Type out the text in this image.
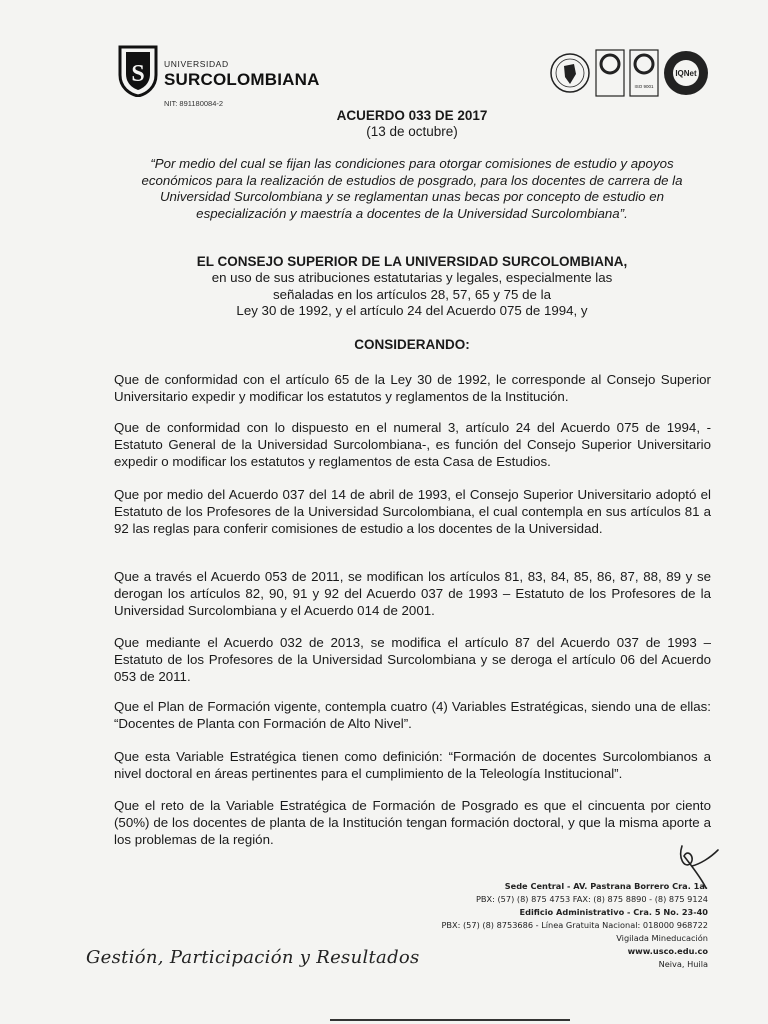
S UNIVERSIDAD
SURCOLOMBIANA
NIT: 891180084-2
ISO 9001
IQNet
ACUERDO 033 DE 2017
(13 de octubre)
“Por medio del cual se fijan las condiciones para otorgar comisiones de estudio y apoyos económicos para la realización de estudios de posgrado, para los docentes de carrera de la Universidad Surcolombiana y se reglamentan unas becas por concepto de estudio en especialización y maestría a docentes de la Universidad Surcolombiana”.
EL CONSEJO SUPERIOR DE LA UNIVERSIDAD SURCOLOMBIANA,
en uso de sus atribuciones estatutarias y legales, especialmente las
señaladas en los artículos 28, 57, 65 y 75 de la
Ley 30 de 1992, y el artículo 24 del Acuerdo 075 de 1994, y
CONSIDERANDO:

Que de conformidad con el artículo 65 de la Ley 30 de 1992, le corresponde al Consejo Superior Universitario expedir y modificar los estatutos y reglamentos de la Institución.

Que de conformidad con lo dispuesto en el numeral 3, artículo 24 del Acuerdo 075 de 1994, -Estatuto General de la Universidad Surcolombiana-, es función del Consejo Superior Universitario expedir o modificar los estatutos y reglamentos de esta Casa de Estudios.

Que por medio del Acuerdo 037 del 14 de abril de 1993, el Consejo Superior Universitario adoptó el Estatuto de los Profesores de la Universidad Surcolombiana, el cual contempla en sus artículos 81 a 92 las reglas para conferir comisiones de estudio a los docentes de la Universidad.

Que a través el Acuerdo 053 de 2011, se modifican los artículos 81, 83, 84, 85, 86, 87, 88, 89 y se derogan los artículos 82, 90, 91 y 92 del Acuerdo 037 de 1993 – Estatuto de los Profesores de la Universidad Surcolombiana y el Acuerdo 014 de 2001.

Que mediante el Acuerdo 032 de 2013, se modifica el artículo 87 del Acuerdo 037 de 1993 – Estatuto de los Profesores de la Universidad Surcolombiana y se deroga el artículo 06 del Acuerdo 053 de 2011.

Que el Plan de Formación vigente, contempla cuatro (4) Variables Estratégicas, siendo una de ellas: “Docentes de Planta con Formación de Alto Nivel”.

Que esta Variable Estratégica tienen como definición: “Formación de docentes Surcolombianos a nivel doctoral en áreas pertinentes para el cumplimiento de la Teleología Institucional”.

Que el reto de la Variable Estratégica de Formación de Posgrado es que el cincuenta por ciento (50%) de los docentes de planta de la Institución tengan formación doctoral, y que la misma aporte a los problemas de la región.

Sede Central - AV. Pastrana Borrero Cra. 1a.
PBX: (57) (8) 875 4753 FAX: (8) 875 8890 - (8) 875 9124
Edificio Administrativo - Cra. 5 No. 23-40
PBX: (57) (8) 8753686 - Línea Gratuita Nacional: 018000 968722
Vigilada Mineducación
www.usco.edu.co
Neiva, Huila
Gestión, Participación y Resultados
